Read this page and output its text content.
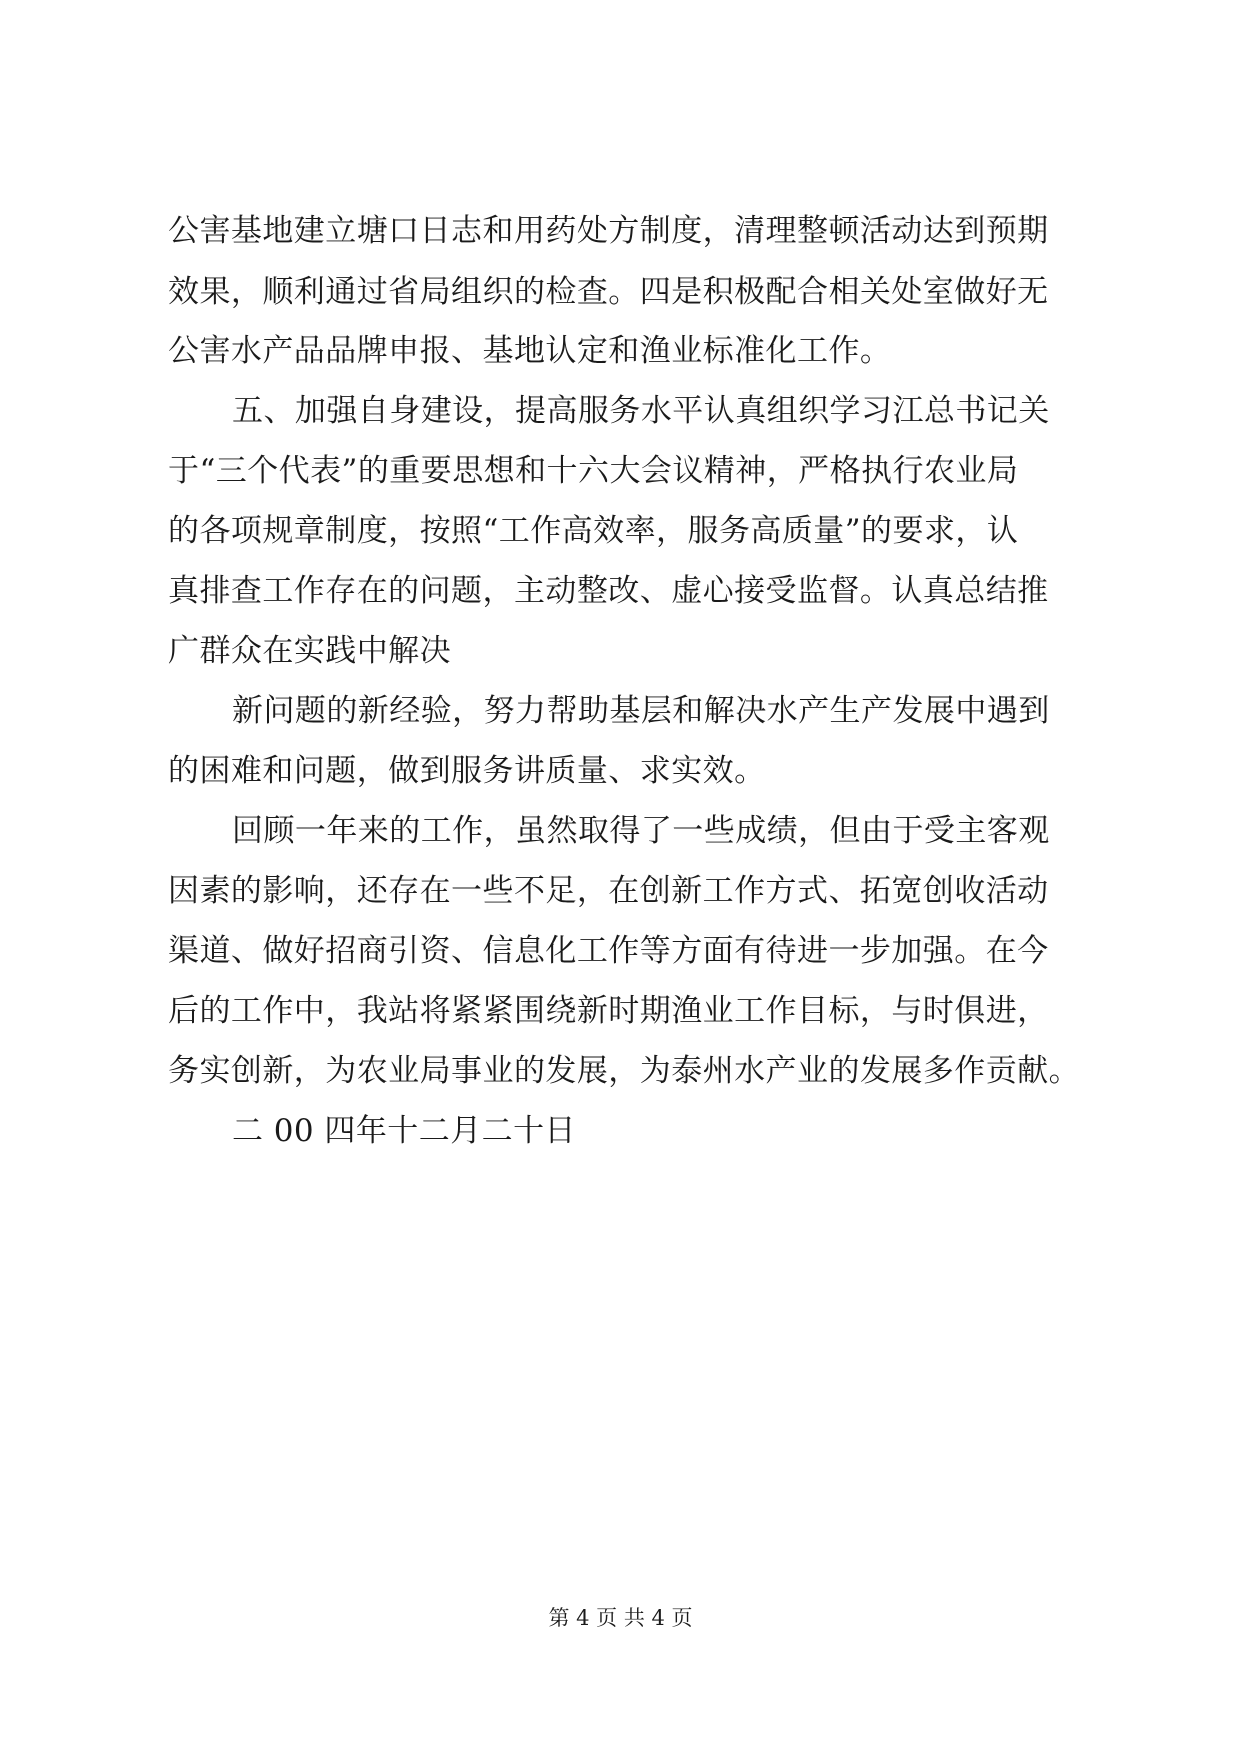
公害基地建立塘口日志和用药处方制度，清理整顿活动达到预期
效果，顺利通过省局组织的检查。四是积极配合相关处室做好无
公害水产品品牌申报、基地认定和渔业标准化工作。
五、加强自身建设，提高服务水平认真组织学习江总书记关
于“三个代表”的重要思想和十六大会议精神，严格执行农业局
的各项规章制度，按照“工作高效率，服务高质量”的要求，认
真排查工作存在的问题，主动整改、虚心接受监督。认真总结推
广群众在实践中解决
新问题的新经验，努力帮助基层和解决水产生产发展中遇到
的困难和问题，做到服务讲质量、求实效。
回顾一年来的工作，虽然取得了一些成绩，但由于受主客观
因素的影响，还存在一些不足，在创新工作方式、拓宽创收活动
渠道、做好招商引资、信息化工作等方面有待进一步加强。在今
后的工作中，我站将紧紧围绕新时期渔业工作目标，与时俱进，
务实创新，为农业局事业的发展，为泰州水产业的发展多作贡献。
二 00 四年十二月二十日
第 4 页 共 4 页
